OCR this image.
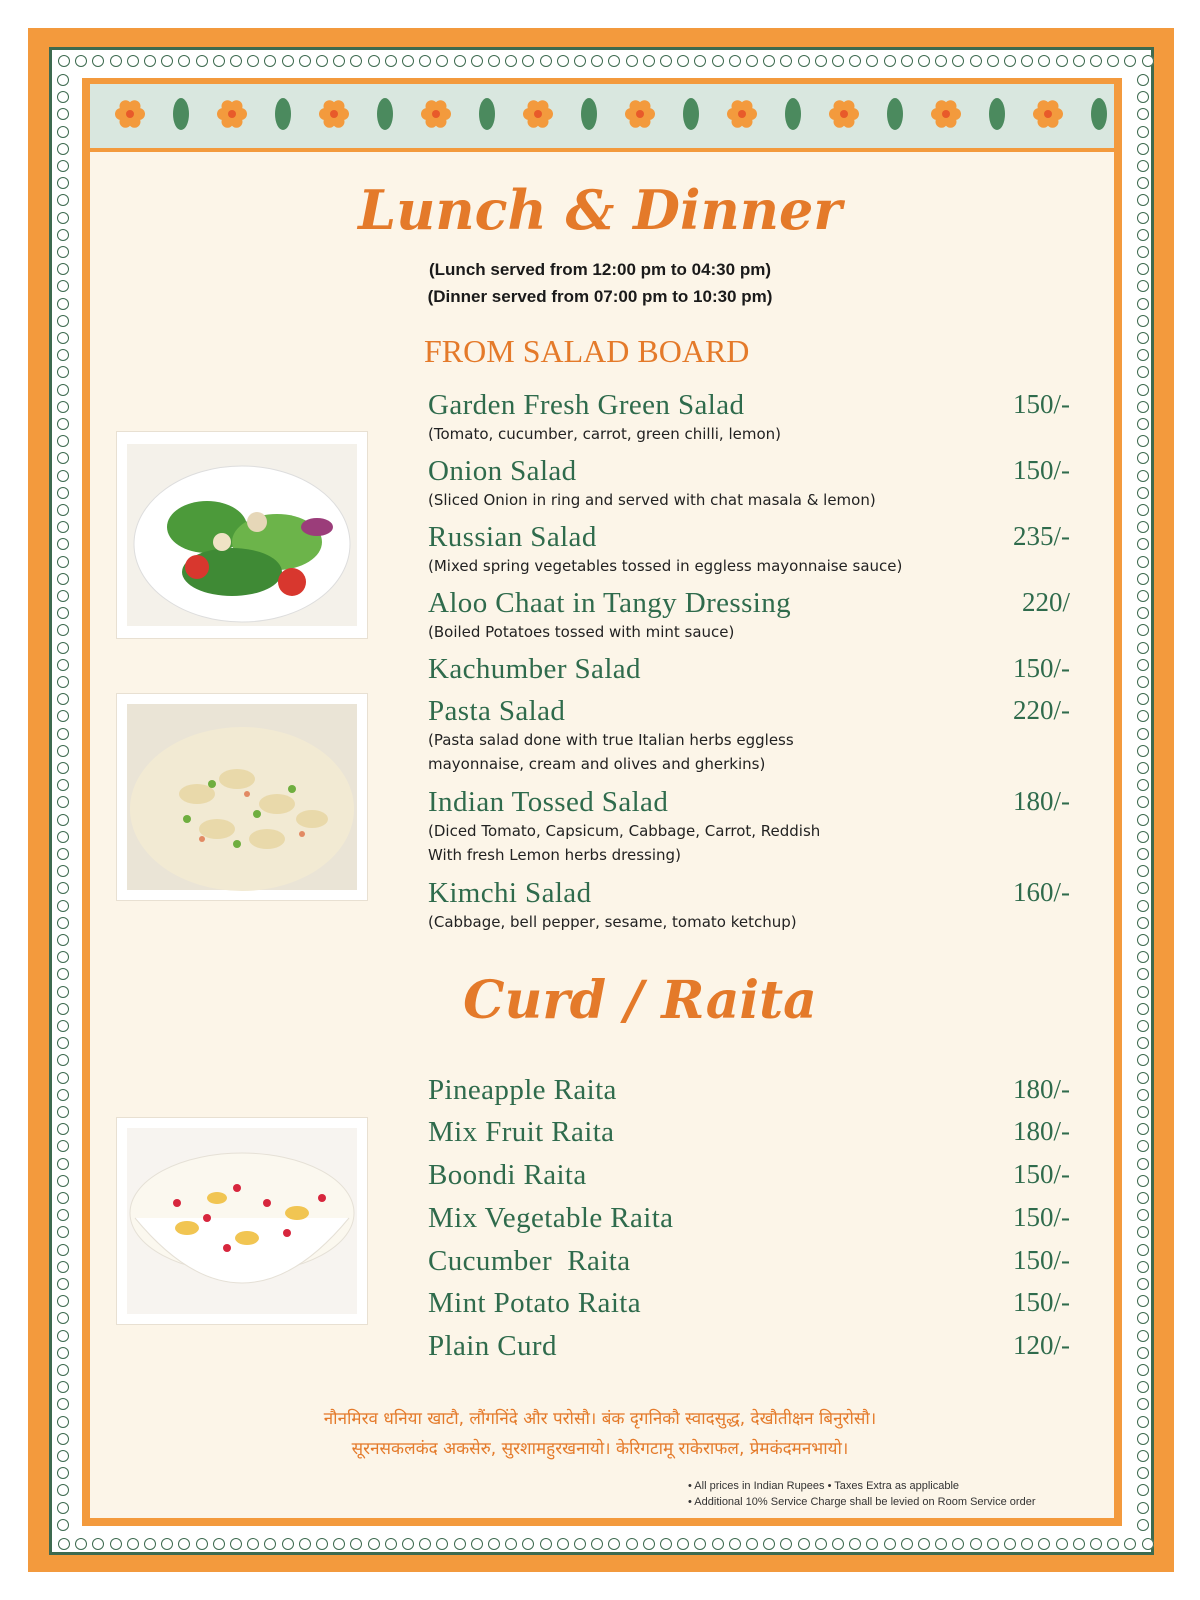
Lunch & Dinner
(Lunch served from 12:00 pm to 04:30 pm)
(Dinner served from 07:00 pm to 10:30 pm)
FROM SALAD BOARD
Garden Fresh Green Salad	150/-
(Tomato, cucumber, carrot, green chilli, lemon)
Onion Salad	150/-
(Sliced Onion in ring and served with chat masala & lemon)
Russian Salad	235/-
(Mixed spring vegetables tossed in eggless mayonnaise sauce)
Aloo Chaat in Tangy Dressing	220/
(Boiled Potatoes tossed with mint sauce)
Kachumber Salad	150/-
Pasta Salad	220/-
(Pasta salad done with true Italian herbs eggless
mayonnaise, cream and olives and gherkins)
Indian Tossed Salad	180/-
(Diced Tomato, Capsicum, Cabbage, Carrot, Reddish
With fresh Lemon herbs dressing)
Kimchi Salad	160/-
(Cabbage, bell pepper, sesame, tomato ketchup)
Curd / Raita
Pineapple Raita	180/-
Mix Fruit Raita	180/-
Boondi Raita	150/-
Mix Vegetable Raita	150/-
Cucumber  Raita	150/-
Mint Potato Raita	150/-
Plain Curd	120/-
नौनमिरव धनिया खाटौ, लौंगनिंदे और परोसौ। बंक दृगनिकौ स्वादसुद्ध, देखौतीक्षन बिनुरोसौ।
सूरनसकलकंद अकसेरु, सुरशामहुरखनायो। केरिगटामू राकेराफल, प्रेमकंदमनभायो।
• All prices in Indian Rupees • Taxes Extra as applicable
• Additional 10% Service Charge shall be levied on Room Service order
